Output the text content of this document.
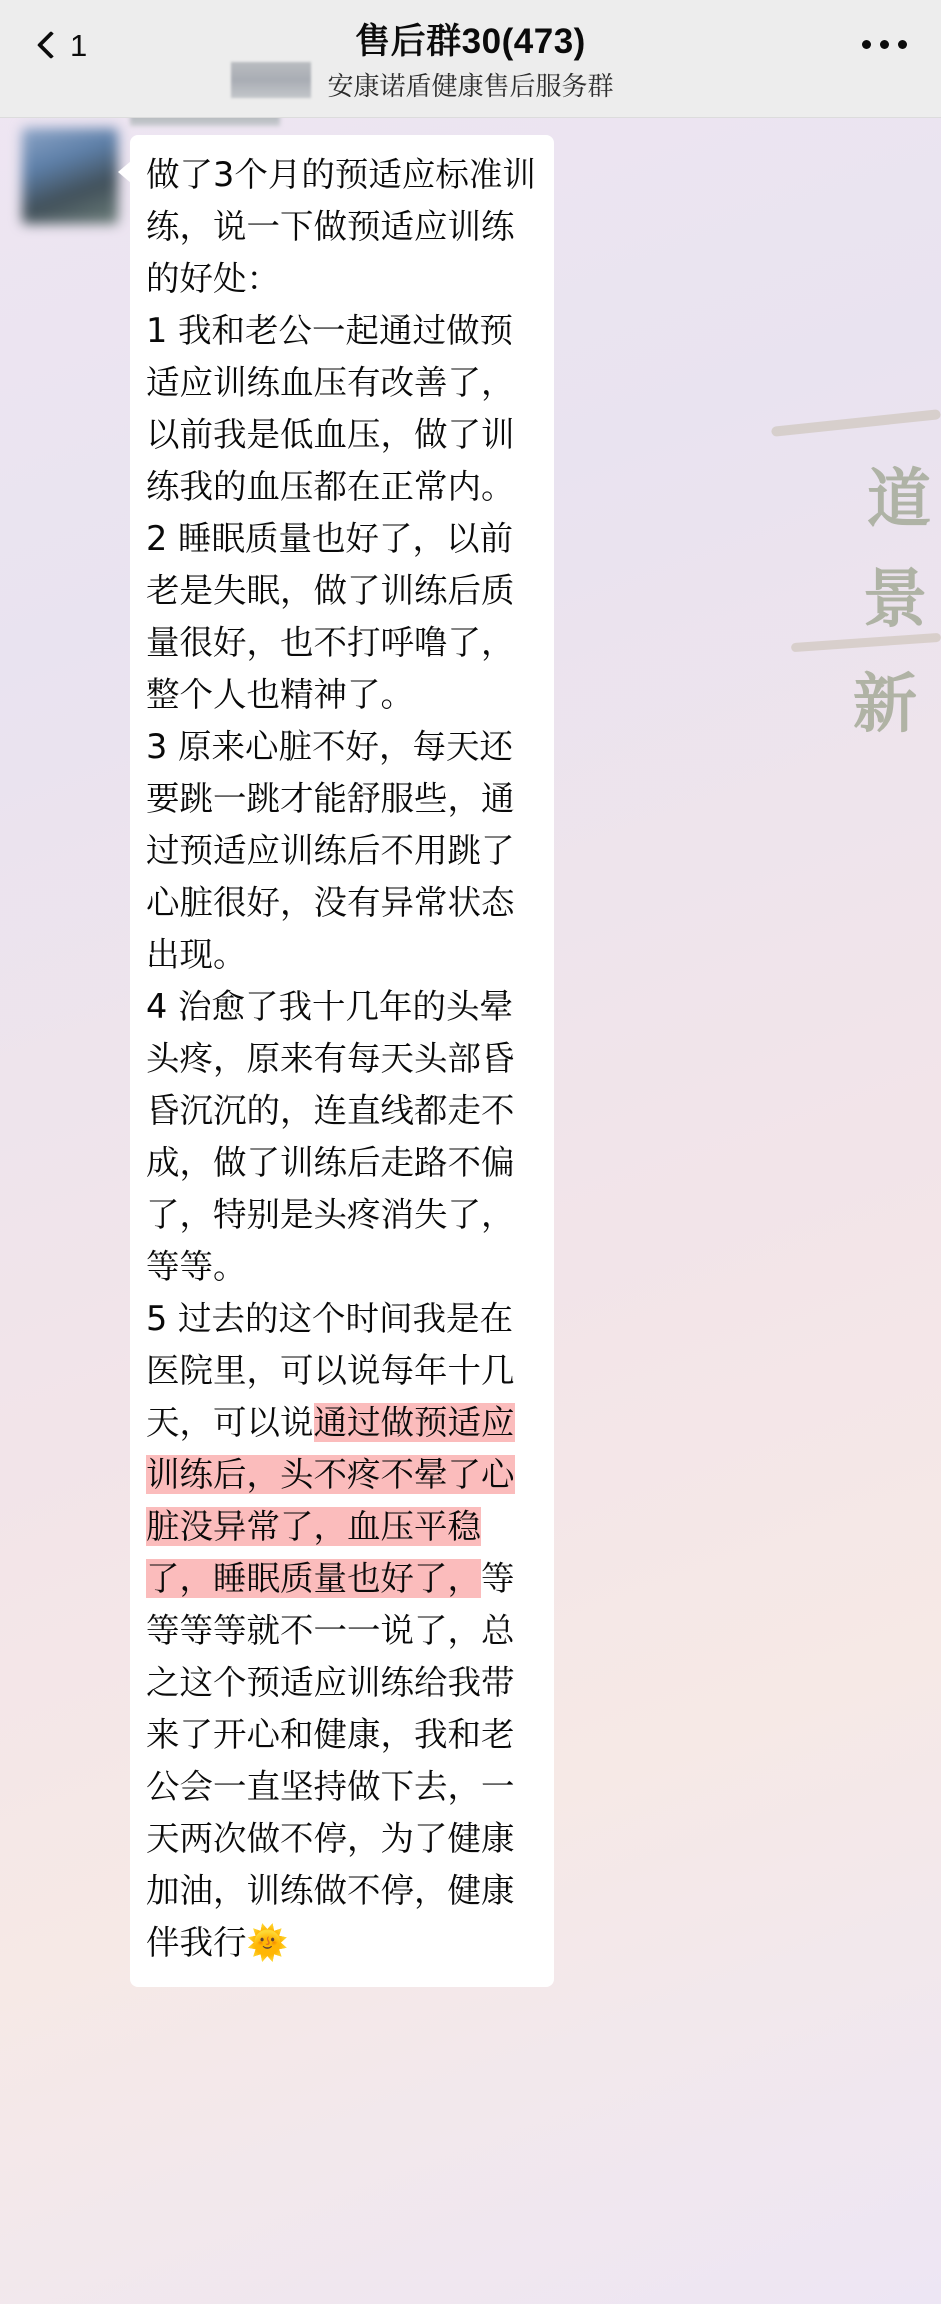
道
景
新
1	售后群30(473)
安康诺盾健康售后服务群
做了3个月的预适应标准训练，说一下做预适应训练的好处：
1 我和老公一起通过做预适应训练血压有改善了，以前我是低血压，做了训练我的血压都在正常内。
2 睡眠质量也好了，以前老是失眠，做了训练后质量很好，也不打呼噜了，整个人也精神了。
3 原来心脏不好，每天还要跳一跳才能舒服些，通过预适应训练后不用跳了心脏很好，没有异常状态出现。
4 治愈了我十几年的头晕头疼，原来有每天头部昏昏沉沉的，连直线都走不成，做了训练后走路不偏了，特别是头疼消失了，等等。
5 过去的这个时间我是在医院里，可以说每年十几天，可以说通过做预适应训练后，头不疼不晕了心脏没异常了，血压平稳了，睡眠质量也好了，等等等等就不一一说了，总之这个预适应训练给我带来了开心和健康，我和老公会一直坚持做下去，一天两次做不停，为了健康加油，训练做不停，健康伴我行🌞
